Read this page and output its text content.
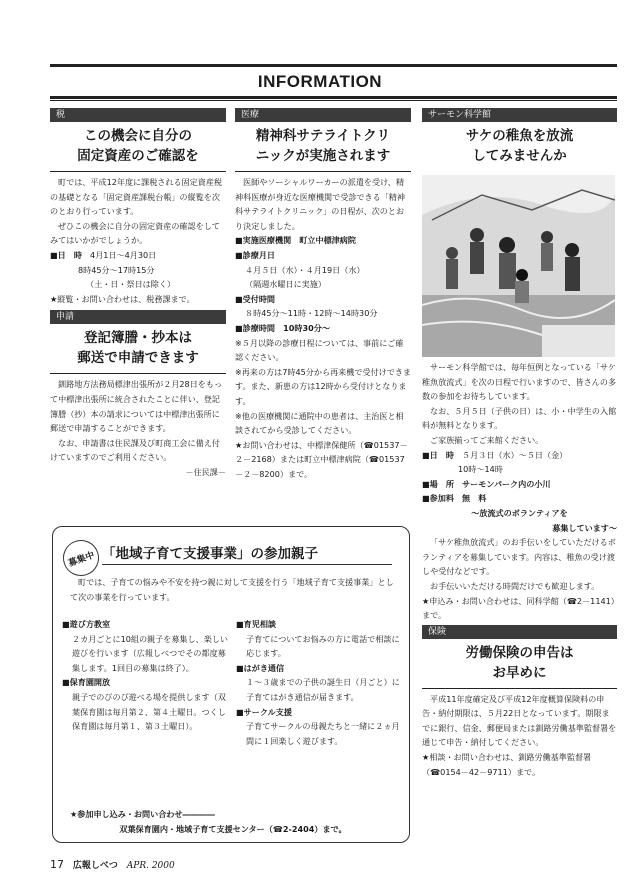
INFORMATION
税
この機会に自分の
固定資産のご確認を

町では、平成12年度に課税される固定資産税の基礎となる「固定資産課税台帳」の縦覧を次のとおり行っています。

ぜひこの機会に自分の固定資産の確認をしてみてはいかがでしょうか。

■日　時　 4月1日～4月30日

8時45分～17時15分

（土・日・祭日は除く）

★縦覧・お問い合わせは、税務課まで。

申請
登記簿謄・抄本は
郵送で申請できます

釧路地方法務局標津出張所が２月28日をもって中標津出張所に統合されたことに伴い、登記簿謄（抄）本の請求については中標津出張所に郵送で申請することができます。

なお、申請書は住民課及び町商工会に備え付けていますのでご利用ください。

－住民課－

医療
精神科サテライトクリ
ニックが実施されます

医師やソーシャルワーカーの派遣を受け、精神科医療が身近な医療機関で受診できる「精神科サテライトクリニック」の日程が、次のとおり決定しました。

■実施医療機関　町立中標津病院

■診療月日

４月５日（水）・４月19日（水）

（隔週水曜日に実施）

■受付時間

８時45分～11時・12時～14時30分

■診療時間　10時30分～

※５月以降の診療日程については、事前にご確認ください。

※再来の方は7時45分から再来機で受付けできます。また、新患の方は12時から受付けとなります。

※他の医療機関に通院中の患者は、主治医と相談されてから受診してください。

★お問い合わせは、中標津保健所（☎01537－２－2168）または町立中標津病院（☎01537－２－8200）まで。

サーモン科学館
サケの稚魚を放流
してみませんか

サーモン科学館では、毎年恒例となっている「サケ稚魚放流式」を次の日程で行いますので、皆さんの多数の参加をお待ちしています。

なお、５月５日（子供の日）は、小・中学生の入館料が無料となります。

ご家族揃ってご来館ください。

■日　時　 ５月３日（水）～５日（金）

10時～14時

■場　所　サーモンパーク内の小川

■参加料　無　料

～放流式のボランティアを

募集しています～

「サケ稚魚放流式」のお手伝いをしていただけるボランティアを募集しています。内容は、稚魚の受け渡しや受付などです。

お手伝いいただける時間だけでも歓迎します。

★申込み・お問い合わせは、同科学館（☎2－1141）まで。

保険
労働保険の申告は
お早めに

平成11年度確定及び平成12年度概算保険料の申告・納付期限は、５月22日となっています。期限までに銀行、信金、郵便局または釧路労働基準監督署を通じて申告・納付してください。

★相談・お問い合わせは、釧路労働基準監督署（☎0154－42－9711）まで。

募集中 「地域子育て支援事業」の参加親子

町では、子育ての悩みや不安を持つ親に対して支援を行う「地域子育て支援事業」として次の事業を行っています。

■遊び方教室

２カ月ごとに10組の親子を募集し、楽しい遊びを行います（広報しべつでその都度募集します。1回目の募集は終了）。

■保育園開放

親子でのびのび遊べる場を提供します（双葉保育園は毎月第２、第４土曜日。つくし保育園は毎月第１、第３土曜日）。

■育児相談

子育てについてお悩みの方に電話で相談に応じます。

■はがき通信

１～３歳までの子供の誕生日（月ごと）に子育てはがき通信が届きます。

■サークル支援

子育てサークルの母親たちと一緒に２ヵ月間に１回楽しく遊びます。

★参加申し込み・お問い合わせ――――

双葉保育園内・地域子育て支援センター（☎2-2404）まで。

17 広報しべつ APR. 2000
